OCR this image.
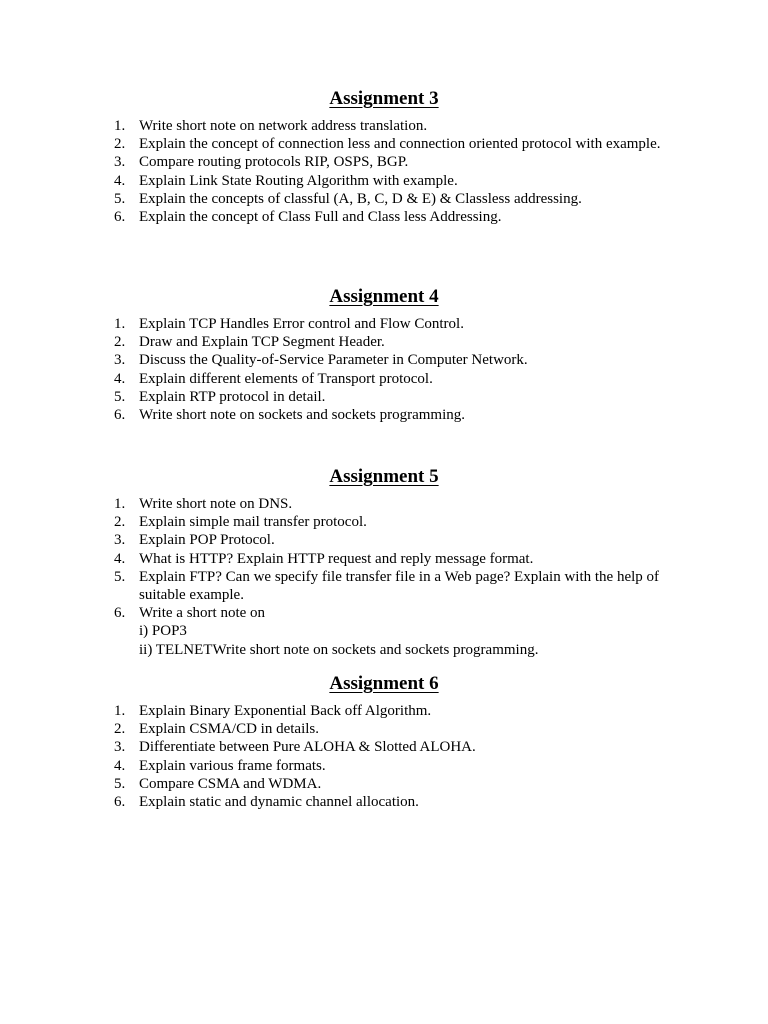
Assignment 3
1. Write short note on network address translation.
2. Explain the concept of connection less and connection oriented protocol with example.
3. Compare routing protocols RIP, OSPS, BGP.
4. Explain Link State Routing Algorithm with example.
5. Explain the concepts of classful (A, B, C, D & E) & Classless addressing.
6. Explain the concept of Class Full and Class less Addressing.
Assignment 4
1. Explain TCP Handles Error control and Flow Control.
2. Draw and Explain TCP Segment Header.
3. Discuss the Quality-of-Service Parameter in Computer Network.
4. Explain different elements of Transport protocol.
5. Explain RTP protocol in detail.
6. Write short note on sockets and sockets programming.
Assignment 5
1. Write short note on DNS.
2. Explain simple mail transfer protocol.
3. Explain POP Protocol.
4. What is HTTP? Explain HTTP request and reply message format.
5. Explain FTP? Can we specify file transfer file in a Web page? Explain with the help of suitable example.
6. Write a short note on
i) POP3
ii) TELNETWrite short note on sockets and sockets programming.
Assignment 6
1. Explain Binary Exponential Back off Algorithm.
2. Explain CSMA/CD in details.
3. Differentiate between Pure ALOHA & Slotted ALOHA.
4. Explain various frame formats.
5. Compare CSMA and WDMA.
6. Explain static and dynamic channel allocation.
